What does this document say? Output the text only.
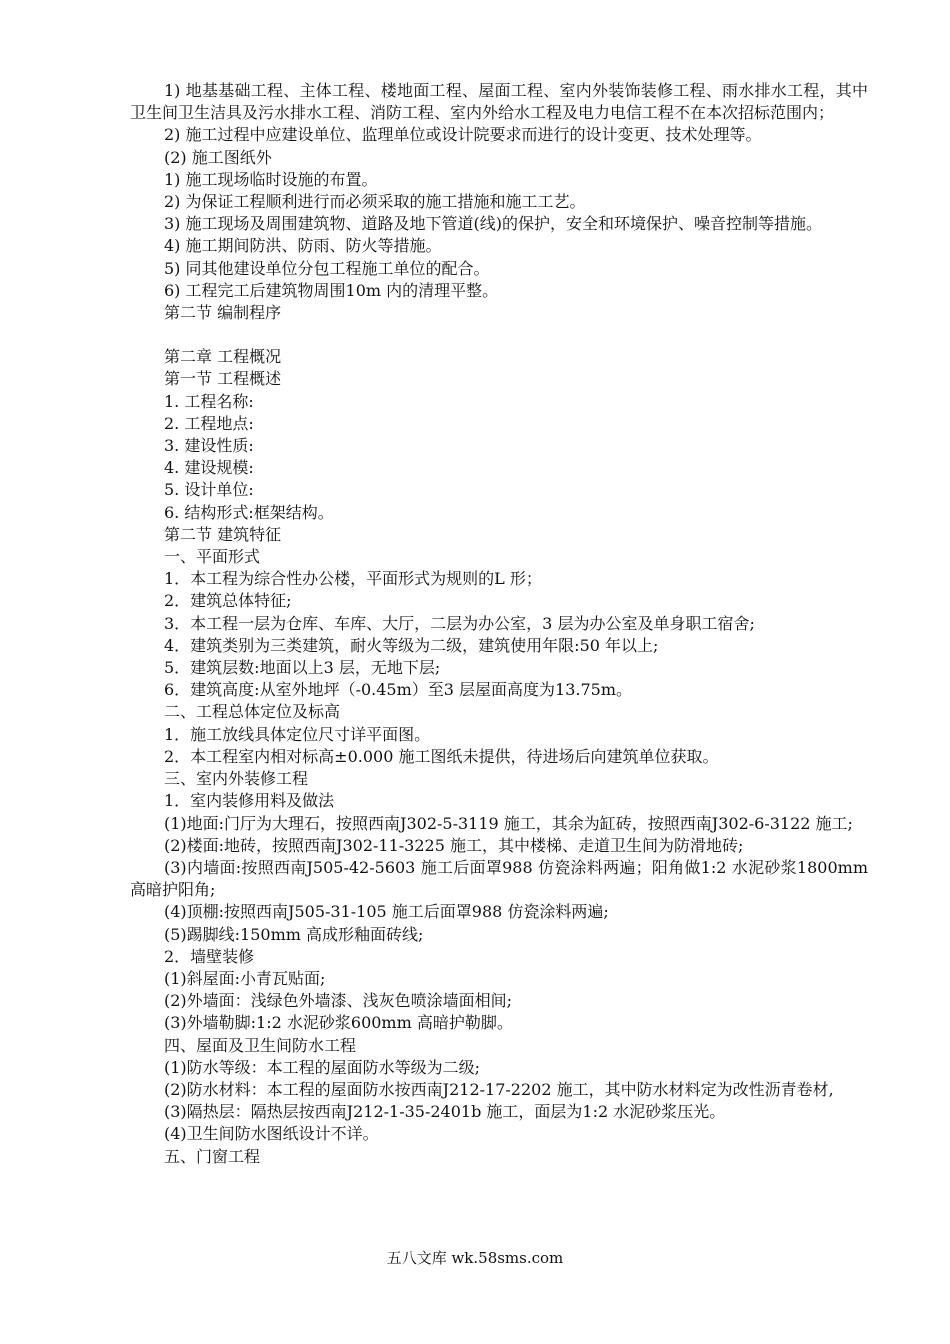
1) 地基基础工程、主体工程、楼地面工程、屋面工程、室内外装饰装修工程、雨水排水工程，其中卫生间卫生洁具及污水排水工程、消防工程、室内外给水工程及电力电信工程不在本次招标范围内；

2) 施工过程中应建设单位、监理单位或设计院要求而进行的设计变更、技术处理等。

(2) 施工图纸外

1) 施工现场临时设施的布置。

2) 为保证工程顺利进行而必须采取的施工措施和施工工艺。

3) 施工现场及周围建筑物、道路及地下管道(线)的保护，安全和环境保护、噪音控制等措施。

4) 施工期间防洪、防雨、防火等措施。

5) 同其他建设单位分包工程施工单位的配合。

6) 工程完工后建筑物周围10m 内的清理平整。

第二节 编制程序

第二章 工程概况

第一节 工程概述

1. 工程名称:

2. 工程地点:

3. 建设性质:

4. 建设规模:

5. 设计单位:

6. 结构形式:框架结构。

第二节 建筑特征

一、平面形式

1．本工程为综合性办公楼，平面形式为规则的L 形；

2．建筑总体特征;

3．本工程一层为仓库、车库、大厅，二层为办公室，3 层为办公室及单身职工宿舍;

4．建筑类别为三类建筑，耐火等级为二级，建筑使用年限:50 年以上;

5．建筑层数:地面以上3 层，无地下层;

6．建筑高度:从室外地坪（-0.45m）至3 层屋面高度为13.75m。

二、工程总体定位及标高

1．施工放线具体定位尺寸详平面图。

2．本工程室内相对标高±0.000 施工图纸未提供，待进场后向建筑单位获取。

三、室内外装修工程

1．室内装修用料及做法

(1)地面:门厅为大理石，按照西南J302-5-3119 施工，其余为缸砖，按照西南J302-6-3122 施工;

(2)楼面:地砖，按照西南J302-11-3225 施工，其中楼梯、走道卫生间为防滑地砖;

(3)内墙面:按照西南J505-42-5603 施工后面罩988 仿瓷涂料两遍；阳角做1:2 水泥砂浆1800mm 高暗护阳角;

(4)顶棚:按照西南J505-31-105 施工后面罩988 仿瓷涂料两遍;

(5)踢脚线:150mm 高成形釉面砖线;

2．墙壁装修

(1)斜屋面:小青瓦贴面;

(2)外墙面：浅绿色外墙漆、浅灰色喷涂墙面相间;

(3)外墙勒脚:1:2 水泥砂浆600mm 高暗护勒脚。

四、屋面及卫生间防水工程

(1)防水等级：本工程的屋面防水等级为二级;

(2)防水材料：本工程的屋面防水按西南J212-17-2202 施工，其中防水材料定为改性沥青卷材,

(3)隔热层：隔热层按西南J212-1-35-2401b 施工，面层为1:2 水泥砂浆压光。

(4)卫生间防水图纸设计不详。

五、门窗工程

五八文库 wk.58sms.com
